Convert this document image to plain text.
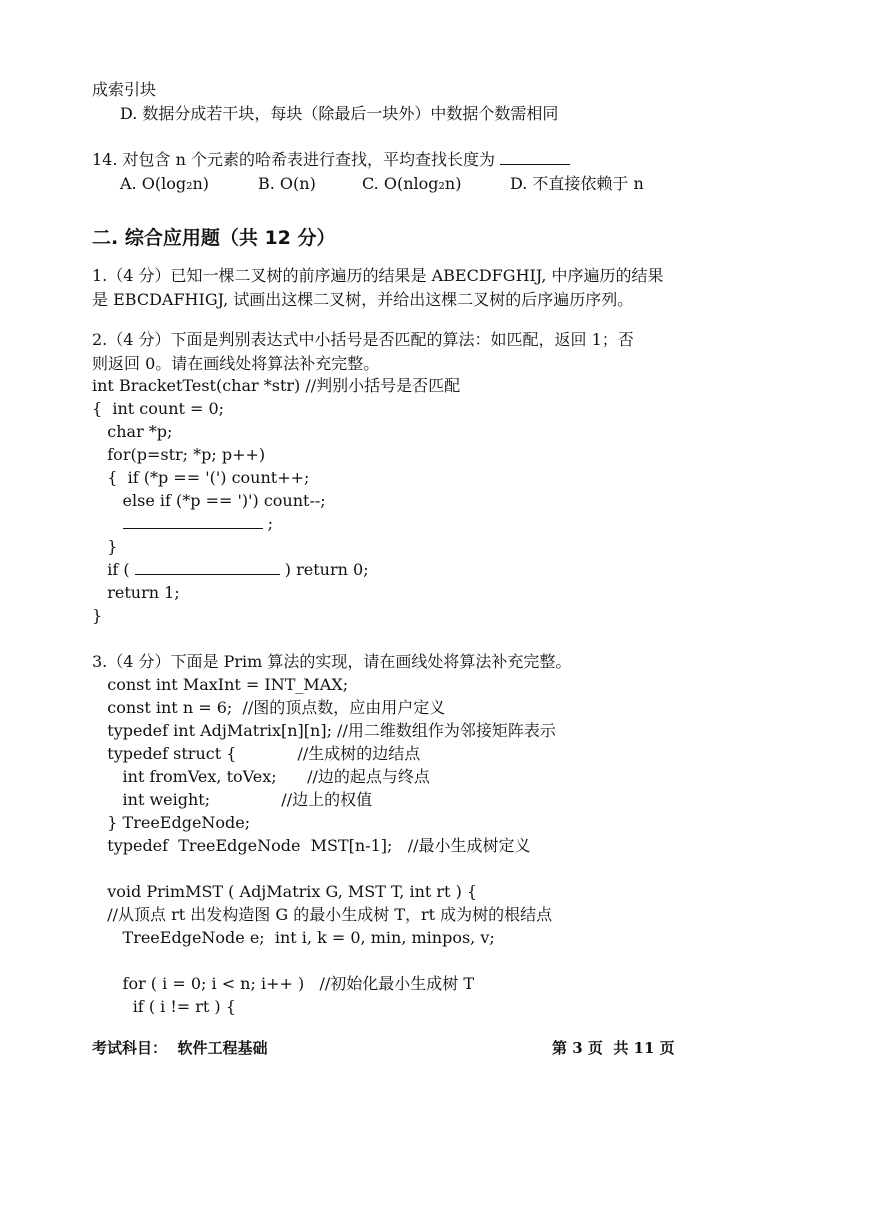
成索引块
D. 数据分成若干块，每块（除最后一块外）中数据个数需相同
14. 对包含 n 个元素的哈希表进行查找，平均查找长度为
A. O(log₂n)	B. O(n)	C. O(nlog₂n)	D. 不直接依赖于 n
二. 综合应用题（共 12 分）
1.（4 分）已知一棵二叉树的前序遍历的结果是 ABECDFGHIJ, 中序遍历的结果
是 EBCDAFHIGJ, 试画出这棵二叉树，并给出这棵二叉树的后序遍历序列。
2.（4 分）下面是判别表达式中小括号是否匹配的算法：如匹配，返回 1；否
则返回 0。请在画线处将算法补充完整。
int BracketTest(char *str) //判别小括号是否匹配
{  int count = 0;
char *p;
for(p=str; *p; p++)
{  if (*p == '(') count++;
else if (*p == ')') count--;
;
}
if (	) return 0;
return 1;
}
3.（4 分）下面是 Prim 算法的实现，请在画线处将算法补充完整。
const int MaxInt = INT_MAX;
const int n = 6;  //图的顶点数，应由用户定义
typedef int AdjMatrix[n][n]; //用二维数组作为邻接矩阵表示
typedef struct {            //生成树的边结点
int fromVex, toVex;      //边的起点与终点
int weight;              //边上的权值
} TreeEdgeNode;
typedef  TreeEdgeNode  MST[n-1];   //最小生成树定义
void PrimMST ( AdjMatrix G, MST T, int rt ) {
//从顶点 rt 出发构造图 G 的最小生成树 T，rt 成为树的根结点
TreeEdgeNode e;  int i, k = 0, min, minpos, v;
for ( i = 0; i < n; i++ )   //初始化最小生成树 T
if ( i != rt ) {
考试科目：  软件工程基础	第 3 页  共 11 页
